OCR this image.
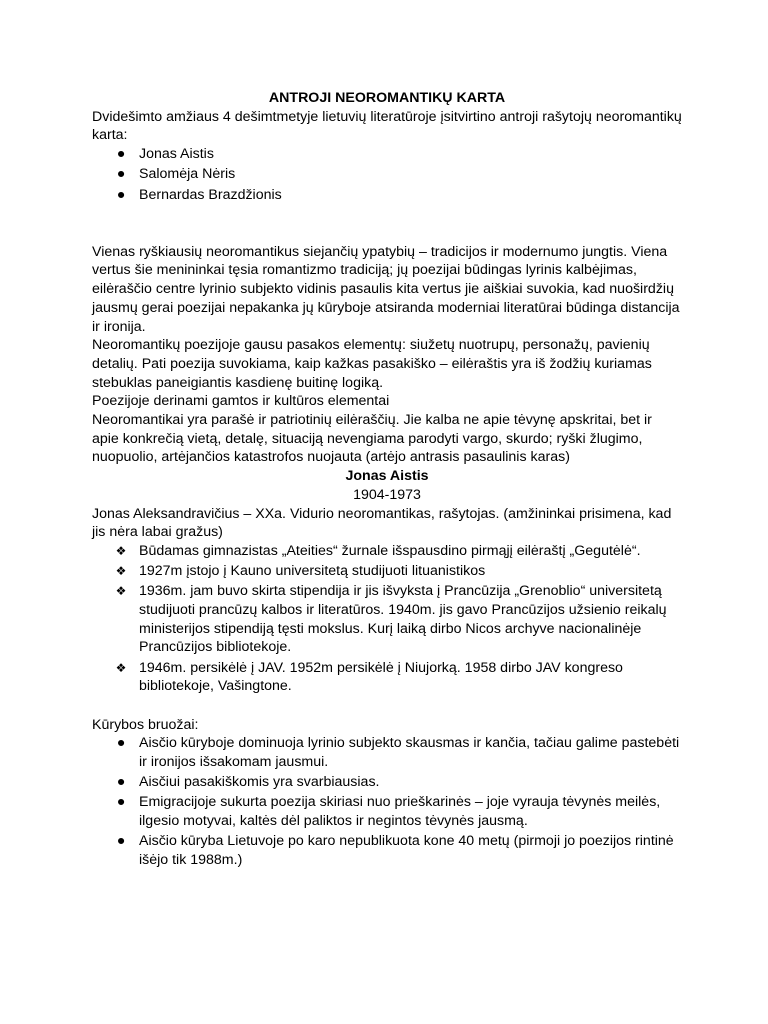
ANTROJI NEOROMANTIKŲ KARTA

Dvidešimto amžiaus 4 dešimtmetyje lietuvių literatūroje įsitvirtino antroji rašytojų neoromantikų karta:

● Jonas Aistis
● Salomėja Nėris
● Bernardas Brazdžionis

Vienas ryškiausių neoromantikus siejančių ypatybių – tradicijos ir modernumo jungtis. Viena vertus šie menininkai tęsia romantizmo tradiciją; jų poezijai būdingas lyrinis kalbėjimas, eilėraščio centre lyrinio subjekto vidinis pasaulis kita vertus jie aiškiai suvokia, kad nuoširdžių jausmų gerai poezijai nepakanka jų kūryboje atsiranda moderniai literatūrai būdinga distancija ir ironija.

Neoromantikų poezijoje gausu pasakos elementų: siužetų nuotrupų, personažų, pavienių detalių. Pati poezija suvokiama, kaip kažkas pasakiško – eilėraštis yra iš žodžių kuriamas stebuklas paneigiantis kasdienę buitinę logiką.

Poezijoje derinami gamtos ir kultūros elementai

Neoromantikai yra parašė ir patriotinių eilėraščių. Jie kalba ne apie tėvynę apskritai, bet ir apie konkrečią vietą, detalę, situaciją nevengiama parodyti vargo, skurdo; ryški žlugimo, nuopuolio, artėjančios katastrofos nuojauta (artėjo antrasis pasaulinis karas)

Jonas Aistis

1904-1973

Jonas Aleksandravičius – XXa. Vidurio neoromantikas, rašytojas. (amžininkai prisimena, kad jis nėra labai gražus)

❖ Būdamas gimnazistas „Ateities“ žurnale išspausdino pirmąjį eilėraštį „Gegutėlė“.
❖ 1927m įstojo į Kauno universitetą studijuoti lituanistikos
❖ 1936m. jam buvo skirta stipendija ir jis išvyksta į Prancūzija „Grenoblio“ universitetą studijuoti prancūzų kalbos ir literatūros. 1940m. jis gavo Prancūzijos užsienio reikalų ministerijos stipendiją tęsti mokslus. Kurį laiką dirbo Nicos archyve nacionalinėje Prancūzijos bibliotekoje.
❖ 1946m. persikėlė į JAV. 1952m persikėlė į Niujorką. 1958 dirbo JAV kongreso bibliotekoje, Vašingtone.

Kūrybos bruožai:

● Aisčio kūryboje dominuoja lyrinio subjekto skausmas ir kančia, tačiau galime pastebėti ir ironijos išsakomam jausmui.
● Aisčiui pasakiškomis yra svarbiausias.
● Emigracijoje sukurta poezija skiriasi nuo prieškarinės – joje vyrauja tėvynės meilės, ilgesio motyvai, kaltės dėl paliktos ir negintos tėvynės jausmą.
● Aisčio kūryba Lietuvoje po karo nepublikuota kone 40 metų (pirmoji jo poezijos rintinė išėjo tik 1988m.)
